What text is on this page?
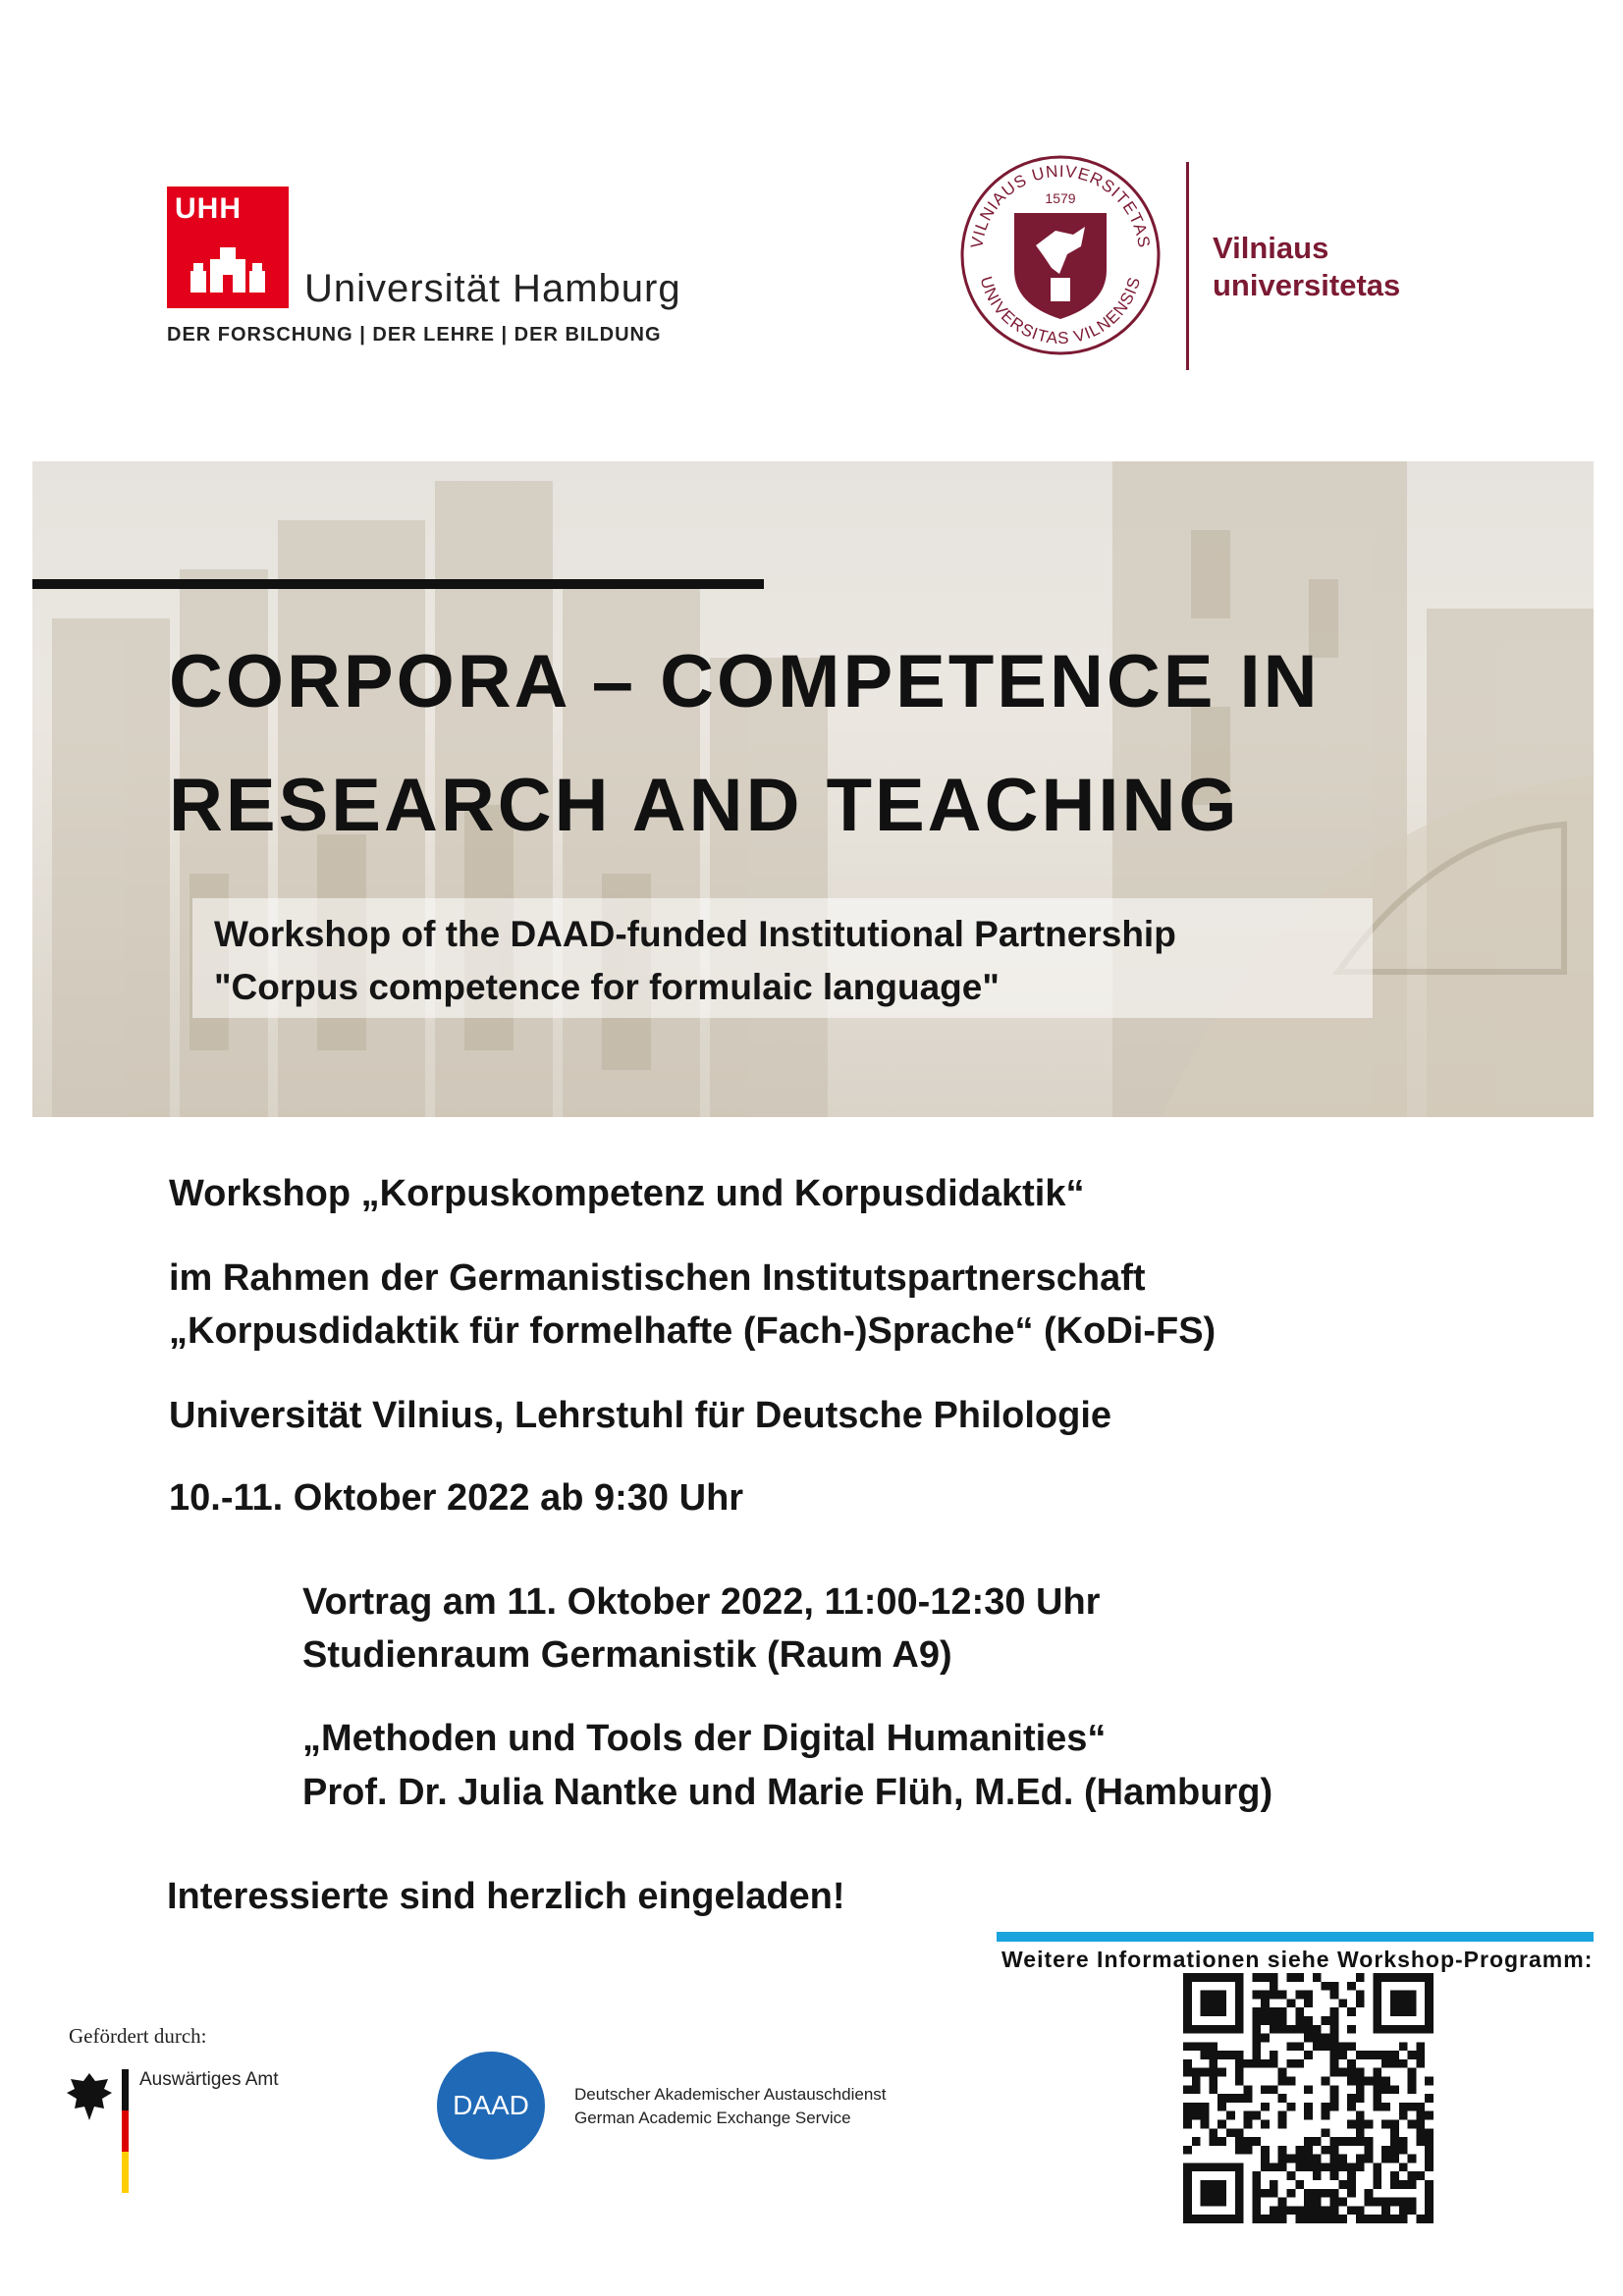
UHH
Universität Hamburg
DER FORSCHUNG | DER LEHRE | DER BILDUNG
VILNIAUS UNIVERSITETAS
UNIVERSITAS VILNENSIS
1579
Vilniaus
universitetas
CORPORA – COMPETENCE IN
RESEARCH AND TEACHING
Workshop of the DAAD-funded Institutional Partnership
"Corpus competence for formulaic language"

Workshop „Korpuskompetenz und Korpusdidaktik“

im Rahmen der Germanistischen Institutspartnerschaft

„Korpusdidaktik für formelhafte (Fach-)Sprache“ (KoDi-FS)

Universität Vilnius, Lehrstuhl für Deutsche Philologie

10.-11. Oktober 2022 ab 9:30 Uhr

Vortrag am 11. Oktober 2022, 11:00-12:30 Uhr

Studienraum Germanistik (Raum A9)

„Methoden und Tools der Digital Humanities“

Prof. Dr. Julia Nantke und Marie Flüh, M.Ed. (Hamburg)

Interessierte sind herzlich eingeladen!

Weitere Informationen siehe Workshop-Programm:
Gefördert durch:
Auswärtiges Amt
DAAD	Deutscher Akademischer Austauschdienst
German Academic Exchange Service
